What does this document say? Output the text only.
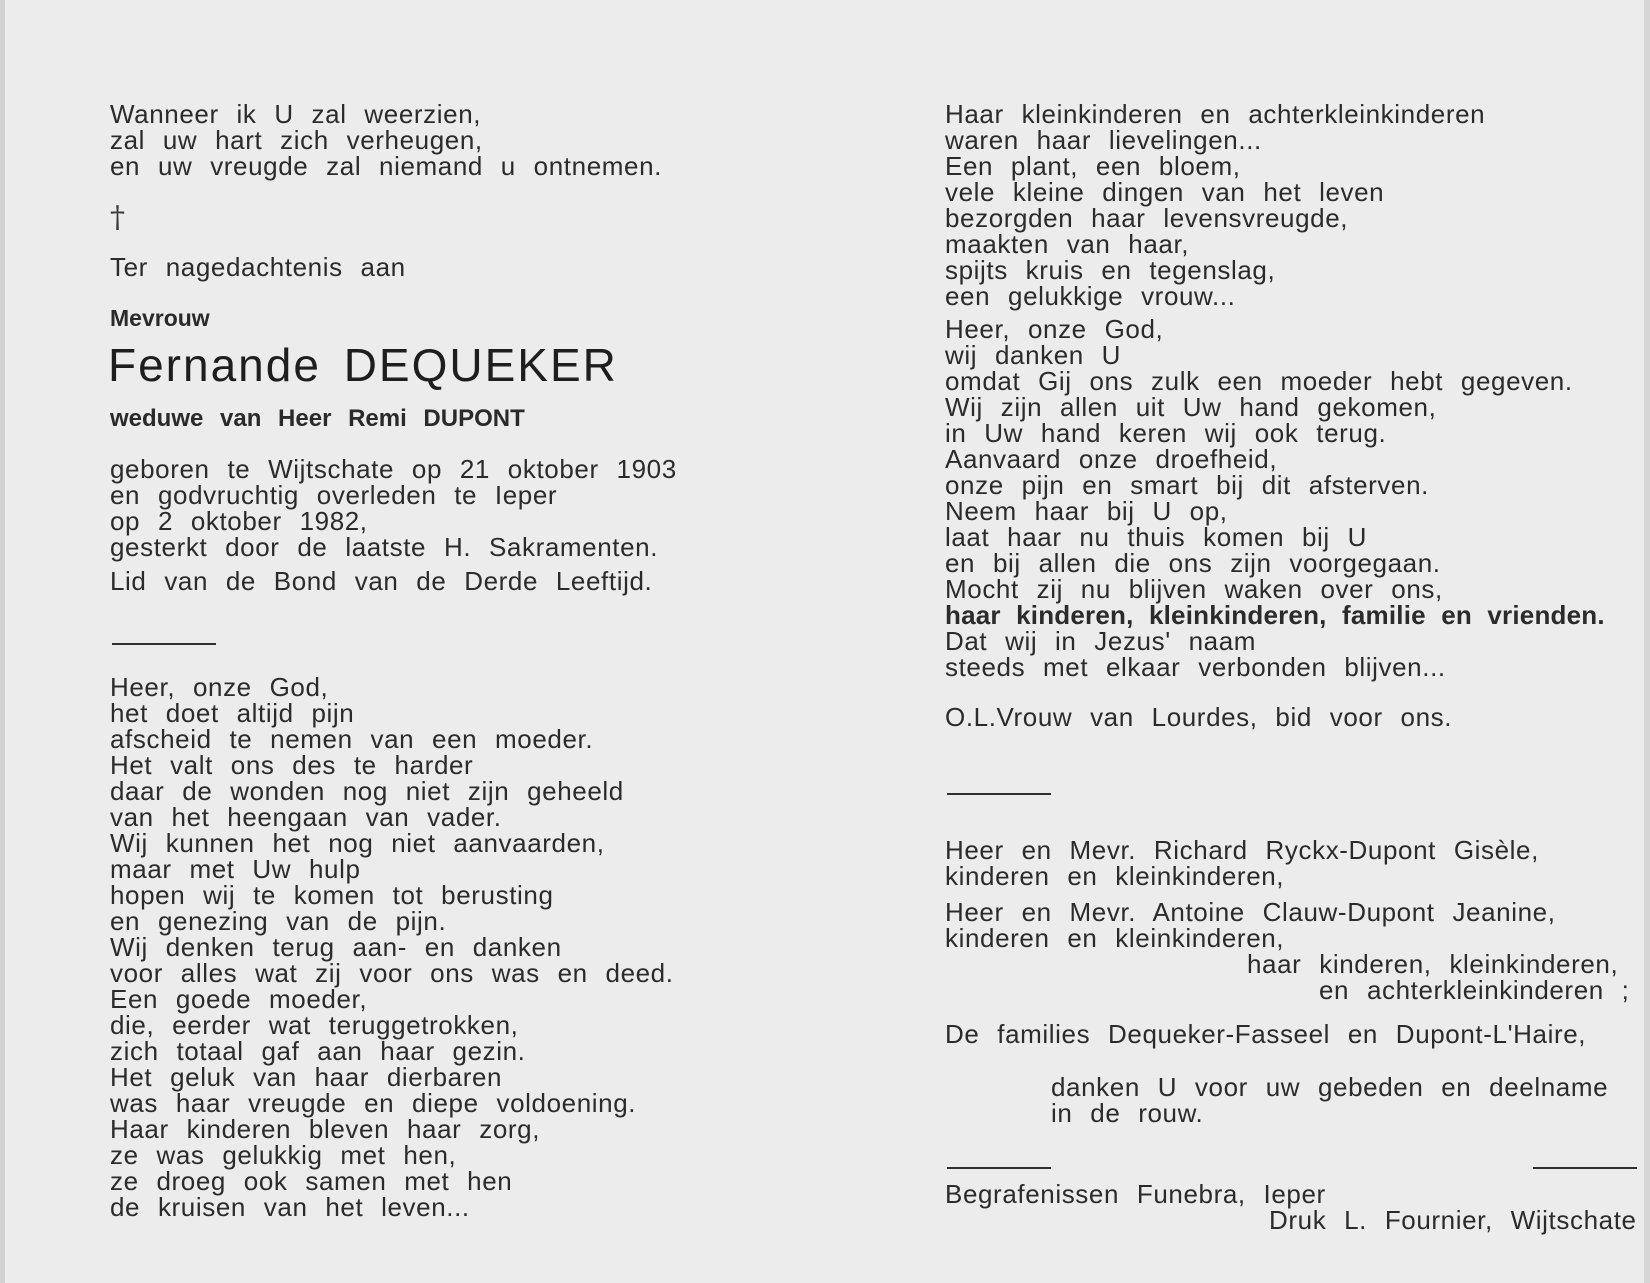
Wanneer ik U zal weerzien,
zal uw hart zich verheugen,
en uw vreugde zal niemand u ontnemen.
†
Ter nagedachtenis aan
Mevrouw
Fernande DEQUEKER
weduwe van Heer Remi DUPONT
geboren te Wijtschate op 21 oktober 1903
en godvruchtig overleden te Ieper
op 2 oktober 1982,
gesterkt door de laatste H. Sakramenten.
Lid van de Bond van de Derde Leeftijd.
Heer, onze God,
het doet altijd pijn
afscheid te nemen van een moeder.
Het valt ons des te harder
daar de wonden nog niet zijn geheeld
van het heengaan van vader.
Wij kunnen het nog niet aanvaarden,
maar met Uw hulp
hopen wij te komen tot berusting
en genezing van de pijn.
Wij denken terug aan- en danken
voor alles wat zij voor ons was en deed.
Een goede moeder,
die, eerder wat teruggetrokken,
zich totaal gaf aan haar gezin.
Het geluk van haar dierbaren
was haar vreugde en diepe voldoening.
Haar kinderen bleven haar zorg,
ze was gelukkig met hen,
ze droeg ook samen met hen
de kruisen van het leven...
Haar kleinkinderen en achterkleinkinderen
waren haar lievelingen...
Een plant, een bloem,
vele kleine dingen van het leven
bezorgden haar levensvreugde,
maakten van haar,
spijts kruis en tegenslag,
een gelukkige vrouw...
Heer, onze God,
wij danken U
omdat Gij ons zulk een moeder hebt gegeven.
Wij zijn allen uit Uw hand gekomen,
in Uw hand keren wij ook terug.
Aanvaard onze droefheid,
onze pijn en smart bij dit afsterven.
Neem haar bij U op,
laat haar nu thuis komen bij U
en bij allen die ons zijn voorgegaan.
Mocht zij nu blijven waken over ons,
haar kinderen, kleinkinderen, familie en vrienden.
Dat wij in Jezus' naam
steeds met elkaar verbonden blijven...
O.L.Vrouw van Lourdes, bid voor ons.
Heer en Mevr. Richard Ryckx-Dupont Gisèle,
kinderen en kleinkinderen,
Heer en Mevr. Antoine Clauw-Dupont Jeanine,
kinderen en kleinkinderen,
haar kinderen, kleinkinderen,
en achterkleinkinderen ;
De families Dequeker-Fasseel en Dupont-L'Haire,
danken U voor uw gebeden en deelname
in de rouw.
Begrafenissen Funebra, Ieper
Druk L. Fournier, Wijtschate
